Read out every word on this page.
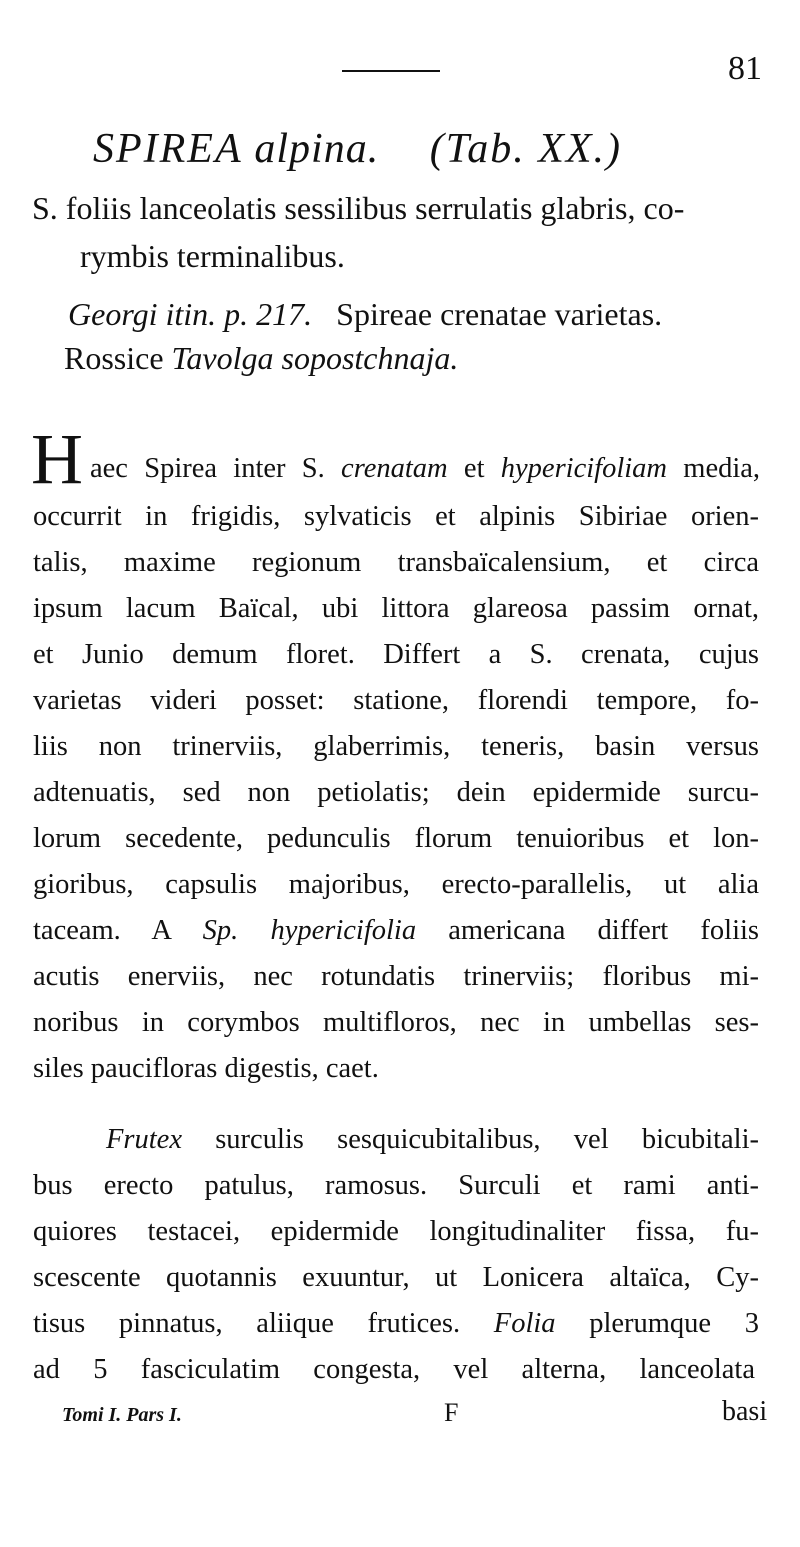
81
SPIREA alpina. (Tab. XX.)
S. foliis lanceolatis sessilibus serrulatis glabris, co-
rymbis terminalibus.
Georgi itin. p. 217. Spireae crenatae varietas.
Rossice Tavolga sopostchnaja.
H aec Spirea inter S. crenatam et hypericifoliam media,
occurrit in frigidis, sylvaticis et alpinis Sibiriae orien-
talis, maxime regionum transbaïcalensium, et circa
ipsum lacum Baïcal, ubi littora glareosa passim ornat,
et Junio demum floret. Differt a S. crenata, cujus
varietas videri posset: statione, florendi tempore, fo-
liis non trinerviis, glaberrimis, teneris, basin versus
adtenuatis, sed non petiolatis; dein epidermide surcu-
lorum secedente, pedunculis florum tenuioribus et lon-
gioribus, capsulis majoribus, erecto-parallelis, ut alia
taceam. A Sp. hypericifolia americana differt foliis
acutis enerviis, nec rotundatis trinerviis; floribus mi-
noribus in corymbos multifloros, nec in umbellas ses-
siles paucifloras digestis, caet.
Frutex surculis sesquicubitalibus, vel bicubitali-
bus erecto patulus, ramosus. Surculi et rami anti-
quiores testacei, epidermide longitudinaliter fissa, fu-
scescente quotannis exuuntur, ut Lonicera altaïca, Cy-
tisus pinnatus, aliique frutices. Folia plerumque 3
ad 5 fasciculatim congesta, vel alterna, lanceolata
Tomi I. Pars I.	F	basi
